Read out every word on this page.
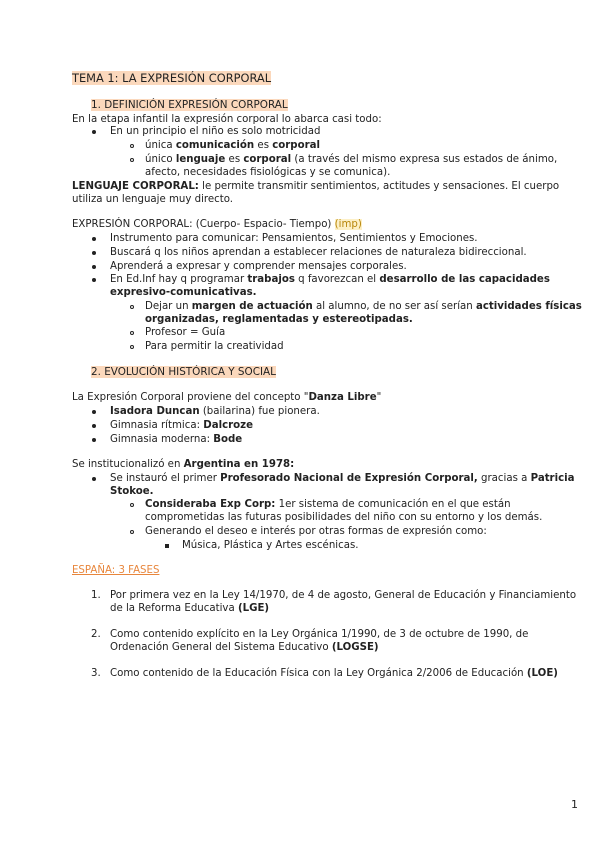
TEMA 1: LA EXPRESIÓN CORPORAL
1. DEFINICIÓN EXPRESIÓN CORPORAL
En la etapa infantil la expresión corporal lo abarca casi todo:
En un principio el niño es solo motricidad
única comunicación es corporal
único lenguaje es corporal (a través del mismo expresa sus estados de ánimo,
afecto, necesidades fisiológicas y se comunica).
LENGUAJE CORPORAL: le permite transmitir sentimientos, actitudes y sensaciones. El cuerpo
utiliza un lenguaje muy directo.
EXPRESIÓN CORPORAL: (Cuerpo- Espacio- Tiempo) (imp)
Instrumento para comunicar: Pensamientos, Sentimientos y Emociones.
Buscará q los niños aprendan a establecer relaciones de naturaleza bidireccional.
Aprenderá a expresar y comprender mensajes corporales.
En Ed.Inf hay q programar trabajos q favorezcan el desarrollo de las capacidades
expresivo-comunicativas.
Dejar un margen de actuación al alumno, de no ser así serían actividades físicas
organizadas, reglamentadas y estereotipadas.
Profesor = Guía
Para permitir la creatividad
2. EVOLUCIÓN HISTÓRICA Y SOCIAL
La Expresión Corporal proviene del concepto "Danza Libre"
Isadora Duncan (bailarina) fue pionera.
Gimnasia rítmica: Dalcroze
Gimnasia moderna: Bode
Se institucionalizó en Argentina en 1978:
Se instauró el primer Profesorado Nacional de Expresión Corporal, gracias a Patricia
Stokoe.
Consideraba Exp Corp: 1er sistema de comunicación en el que están
comprometidas las futuras posibilidades del niño con su entorno y los demás.
Generando el deseo e interés por otras formas de expresión como:
Música, Plástica y Artes escénicas.
ESPAÑA: 3 FASES
1. Por primera vez en la Ley 14/1970, de 4 de agosto, General de Educación y Financiamiento
de la Reforma Educativa (LGE)
2. Como contenido explícito en la Ley Orgánica 1/1990, de 3 de octubre de 1990, de
Ordenación General del Sistema Educativo (LOGSE)
3. Como contenido de la Educación Física con la Ley Orgánica 2/2006 de Educación (LOE)
1
